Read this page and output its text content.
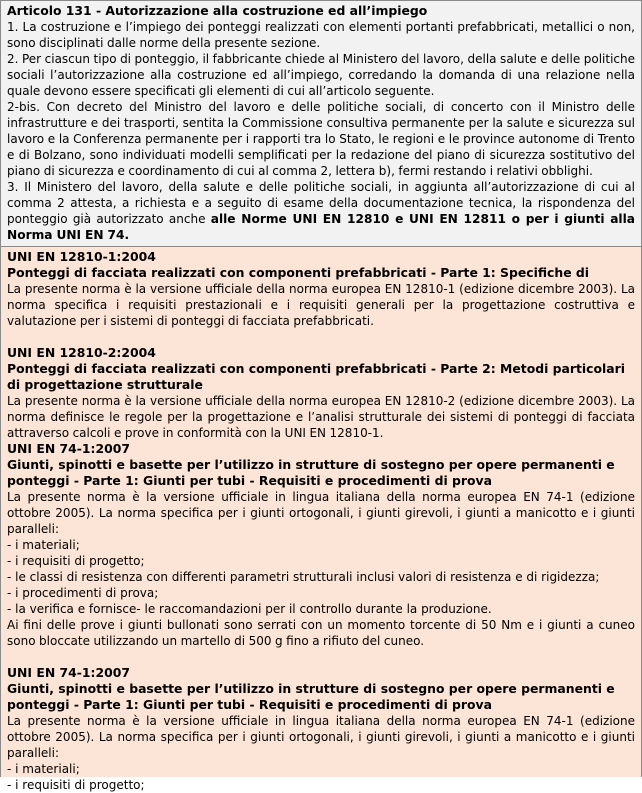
Articolo 131 - Autorizzazione alla costruzione ed all’impiego

1. La costruzione e l’impiego dei ponteggi realizzati con elementi portanti prefabbricati, metallici o non, sono disciplinati dalle norme della presente sezione.

2. Per ciascun tipo di ponteggio, il fabbricante chiede al Ministero del lavoro, della salute e delle politiche sociali l’autorizzazione alla costruzione ed all’impiego, corredando la domanda di una relazione nella quale devono essere specificati gli elementi di cui all’articolo seguente.

2-bis. Con decreto del Ministro del lavoro e delle politiche sociali, di concerto con il Ministro delle infrastrutture e dei trasporti, sentita la Commissione consultiva permanente per la salute e sicurezza sul lavoro e la Conferenza permanente per i rapporti tra lo Stato, le regioni e le province autonome di Trento e di Bolzano, sono individuati modelli semplificati per la redazione del piano di sicurezza sostitutivo del piano di sicurezza e coordinamento di cui al comma 2, lettera b), fermi restando i relativi obblighi.

3. Il Ministero del lavoro, della salute e delle politiche sociali, in aggiunta all’autorizzazione di cui al comma 2 attesta, a richiesta e a seguito di esame della documentazione tecnica, la rispondenza del ponteggio già autorizzato anche alle Norme UNI EN 12810 e UNI EN 12811 o per i giunti alla Norma UNI EN 74.

UNI EN 12810-1:2004
Ponteggi di facciata realizzati con componenti prefabbricati - Parte 1: Specifiche di
La presente norma è la versione ufficiale della norma europea EN 12810-1 (edizione dicembre 2003). La norma specifica i requisiti prestazionali e i requisiti generali per la progettazione costruttiva e valutazione per i sistemi di ponteggi di facciata prefabbricati.
UNI EN 12810-2:2004
Ponteggi di facciata realizzati con componenti prefabbricati - Parte 2: Metodi particolari di progettazione strutturale
La presente norma è la versione ufficiale della norma europea EN 12810-2 (edizione dicembre 2003). La norma definisce le regole per la progettazione e l’analisi strutturale dei sistemi di ponteggi di facciata attraverso calcoli e prove in conformità con la UNI EN 12810-1.
UNI EN 74-1:2007
Giunti, spinotti e basette per l’utilizzo in strutture di sostegno per opere permanenti e ponteggi - Parte 1: Giunti per tubi - Requisiti e procedimenti di prova
La presente norma è la versione ufficiale in lingua italiana della norma europea EN 74-1 (edizione ottobre 2005). La norma specifica per i giunti ortogonali, i giunti girevoli, i giunti a manicotto e i giunti paralleli:
- i materiali;
- i requisiti di progetto;
- le classi di resistenza con differenti parametri strutturali inclusi valori di resistenza e di rigidezza;
- i procedimenti di prova;
- la verifica e fornisce- le raccomandazioni per il controllo durante la produzione.
Ai fini delle prove i giunti bullonati sono serrati con un momento torcente di 50 Nm e i giunti a cuneo sono bloccate utilizzando un martello di 500 g fino a rifiuto del cuneo.
UNI EN 74-1:2007
Giunti, spinotti e basette per l’utilizzo in strutture di sostegno per opere permanenti e ponteggi - Parte 1: Giunti per tubi - Requisiti e procedimenti di prova
La presente norma è la versione ufficiale in lingua italiana della norma europea EN 74-1 (edizione ottobre 2005). La norma specifica per i giunti ortogonali, i giunti girevoli, i giunti a manicotto e i giunti paralleli:
- i materiali;
- i requisiti di progetto;
